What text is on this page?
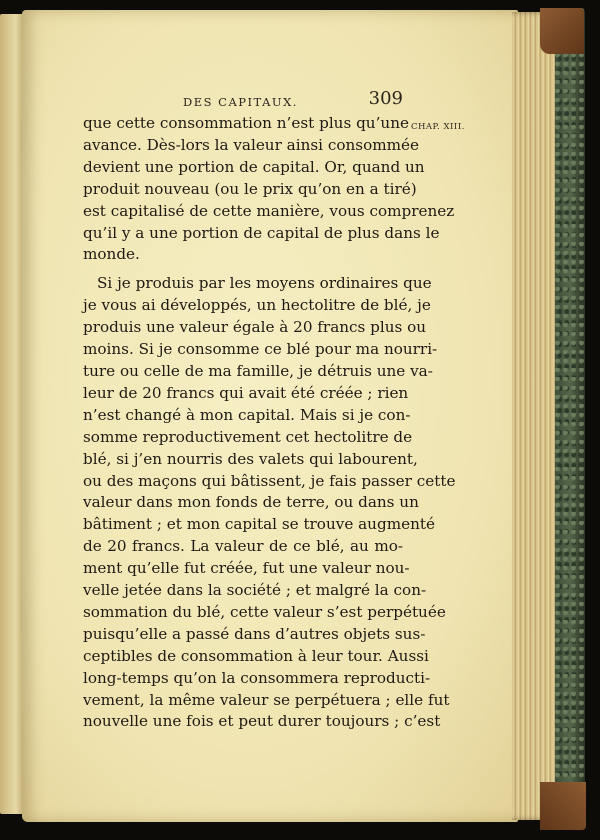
DES CAPITAUX.	309
CHAP. XIII.
que cette consommation n’est plus qu’une
avance. Dès-lors la valeur ainsi consommée
devient une portion de capital. Or, quand un
produit nouveau (ou le prix qu’on en a tiré)
est capitalisé de cette manière, vous comprenez
qu’il y a une portion de capital de plus dans le
monde.
Si je produis par les moyens ordinaires que
je vous ai développés, un hectolitre de blé, je
produis une valeur égale à 20 francs plus ou
moins. Si je consomme ce blé pour ma nourri-
ture ou celle de ma famille, je détruis une va-
leur de 20 francs qui avait été créée ; rien
n’est changé à mon capital. Mais si je con-
somme reproductivement cet hectolitre de
blé, si j’en nourris des valets qui labourent,
ou des maçons qui bâtissent, je fais passer cette
valeur dans mon fonds de terre, ou dans un
bâtiment ; et mon capital se trouve augmenté
de 20 francs. La valeur de ce blé, au mo-
ment qu’elle fut créée, fut une valeur nou-
velle jetée dans la société ; et malgré la con-
sommation du blé, cette valeur s’est perpétuée
puisqu’elle a passé dans d’autres objets sus-
ceptibles de consommation à leur tour. Aussi
long-temps qu’on la consommera reproducti-
vement, la même valeur se perpétuera ; elle fut
nouvelle une fois et peut durer toujours ; c’est
